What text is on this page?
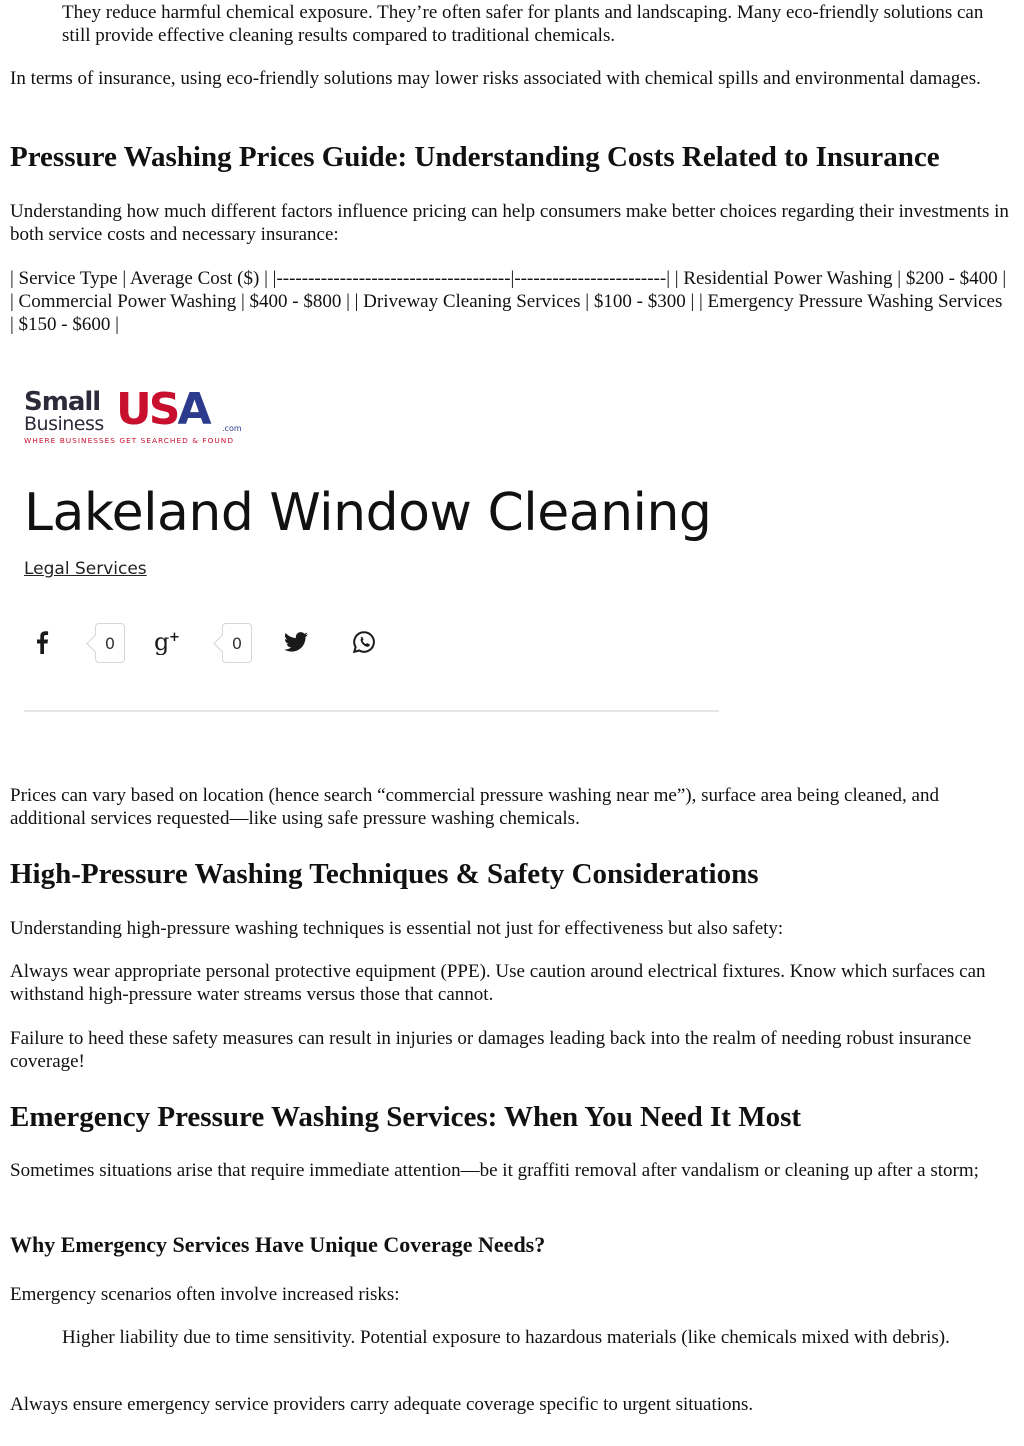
They reduce harmful chemical exposure. They’re often safer for plants and landscaping. Many eco-friendly solutions can still provide effective cleaning results compared to traditional chemicals.

In terms of insurance, using eco-friendly solutions may lower risks associated with chemical spills and environmental damages.

Pressure Washing Prices Guide: Understanding Costs Related to Insurance

Understanding how much different factors influence pricing can help consumers make better choices regarding their investments in both service costs and necessary insurance:

| Service Type | Average Cost ($) | |-------------------------------------|------------------------| | Residential Power Washing | $200 - $400 | | Commercial Power Washing | $400 - $800 | | Driveway Cleaning Services | $100 - $300 | | Emergency Pressure Washing Services | $150 - $600 |

Small
Business USA .com
WHERE BUSINESSES GET SEARCHED & FOUND
Lakeland Window Cleaning
Legal Services
0 g +	0

Prices can vary based on location (hence search “commercial pressure washing near me”), surface area being cleaned, and additional services requested—like using safe pressure washing chemicals.

High-Pressure Washing Techniques & Safety Considerations

Understanding high-pressure washing techniques is essential not just for effectiveness but also safety:

Always wear appropriate personal protective equipment (PPE). Use caution around electrical fixtures. Know which surfaces can withstand high-pressure water streams versus those that cannot.

Failure to heed these safety measures can result in injuries or damages leading back into the realm of needing robust insurance coverage!

Emergency Pressure Washing Services: When You Need It Most

Sometimes situations arise that require immediate attention—be it graffiti removal after vandalism or cleaning up after a storm;

Why Emergency Services Have Unique Coverage Needs?

Emergency scenarios often involve increased risks:

Higher liability due to time sensitivity. Potential exposure to hazardous materials (like chemicals mixed with debris).

Always ensure emergency service providers carry adequate coverage specific to urgent situations.
